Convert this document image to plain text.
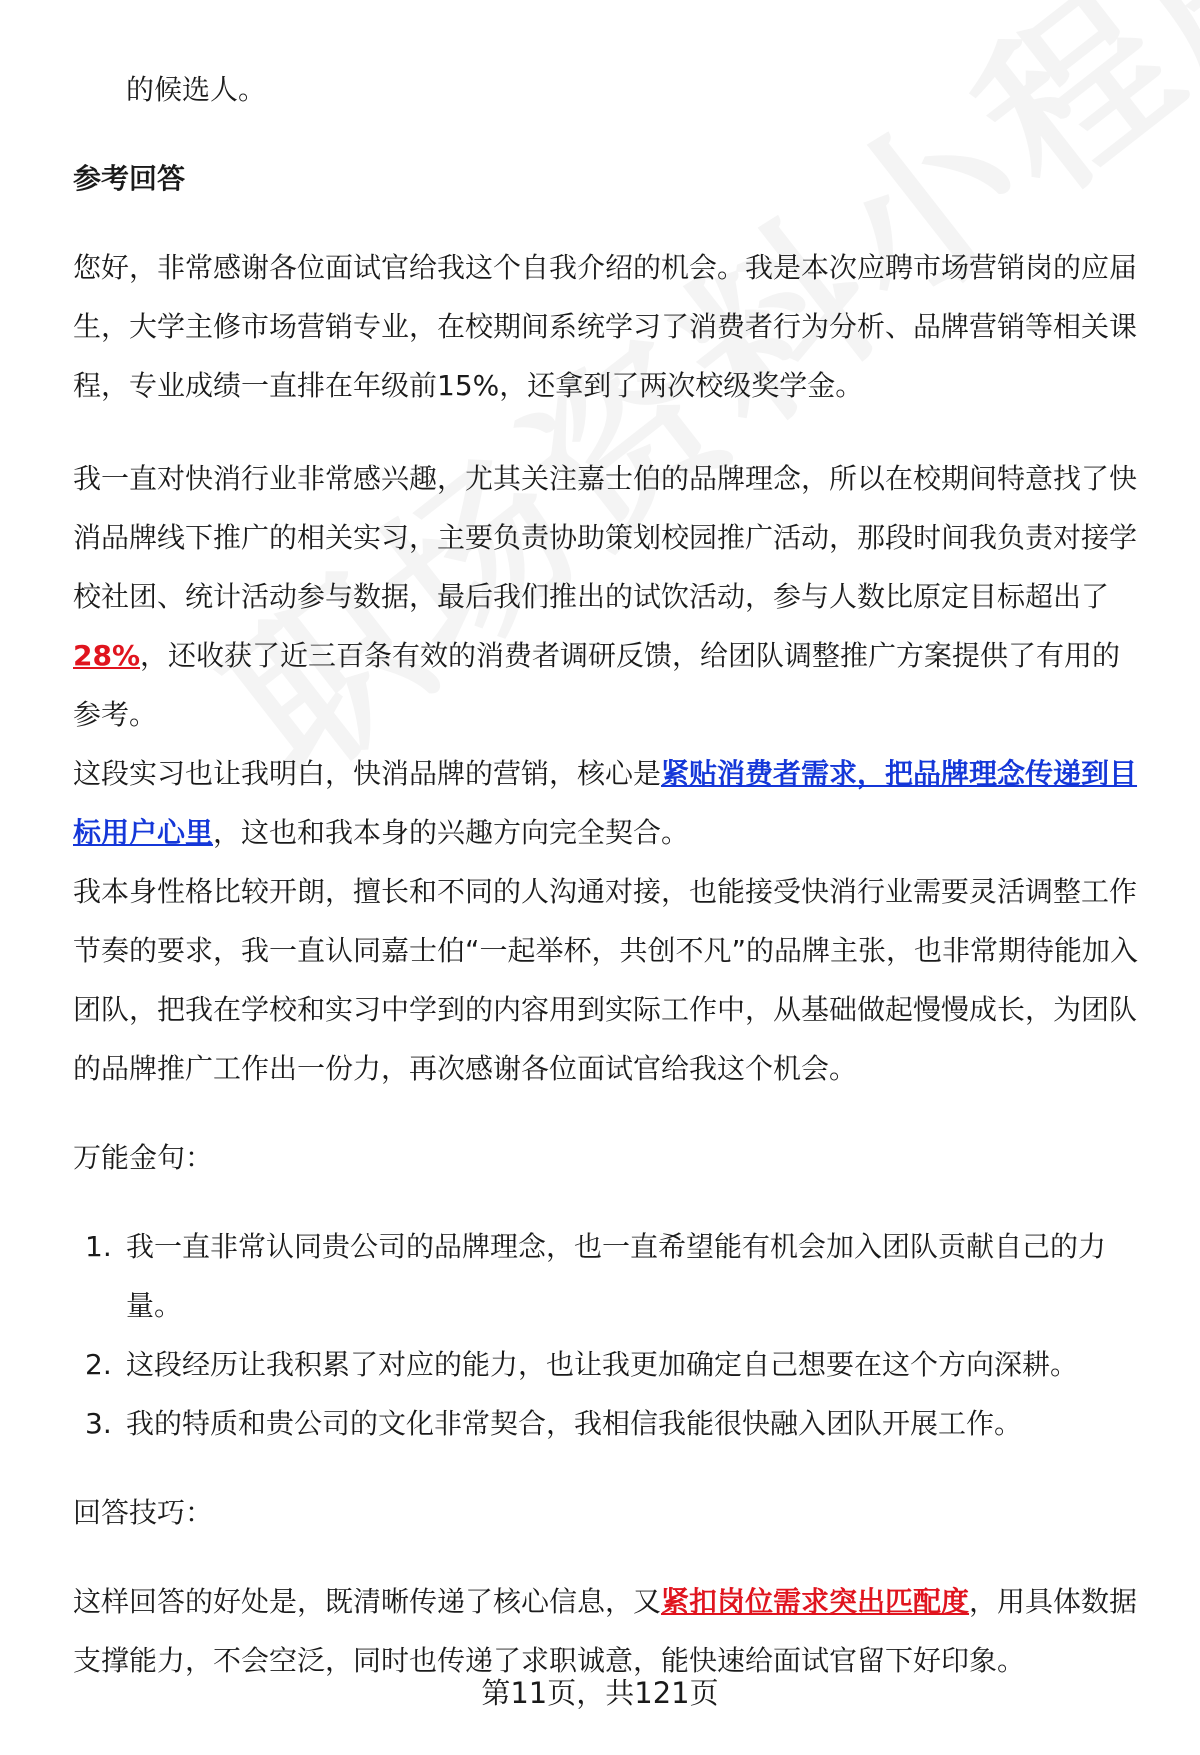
的候选人。

参考回答

您好，非常感谢各位面试官给我这个自我介绍的机会。我是本次应聘市场营销岗的应届生，大学主修市场营销专业，在校期间系统学习了消费者行为分析、品牌营销等相关课程，专业成绩一直排在年级前15%，还拿到了两次校级奖学金。

我一直对快消行业非常感兴趣，尤其关注嘉士伯的品牌理念，所以在校期间特意找了快消品牌线下推广的相关实习，主要负责协助策划校园推广活动，那段时间我负责对接学校社团、统计活动参与数据，最后我们推出的试饮活动，参与人数比原定目标超出了28%，还收获了近三百条有效的消费者调研反馈，给团队调整推广方案提供了有用的参考。

这段实习也让我明白，快消品牌的营销，核心是紧贴消费者需求，把品牌理念传递到目标用户心里，这也和我本身的兴趣方向完全契合。

我本身性格比较开朗，擅长和不同的人沟通对接，也能接受快消行业需要灵活调整工作节奏的要求，我一直认同嘉士伯“一起举杯，共创不凡”的品牌主张，也非常期待能加入团队，把我在学校和实习中学到的内容用到实际工作中，从基础做起慢慢成长，为团队的品牌推广工作出一份力，再次感谢各位面试官给我这个机会。

万能金句：

1. 我一直非常认同贵公司的品牌理念，也一直希望能有机会加入团队贡献自己的力量。
2. 这段经历让我积累了对应的能力，也让我更加确定自己想要在这个方向深耕。
3. 我的特质和贵公司的文化非常契合，我相信我能很快融入团队开展工作。

回答技巧：

这样回答的好处是，既清晰传递了核心信息，又紧扣岗位需求突出匹配度，用具体数据支撑能力，不会空泛，同时也传递了求职诚意，能快速给面试官留下好印象。

第11页，共121页
